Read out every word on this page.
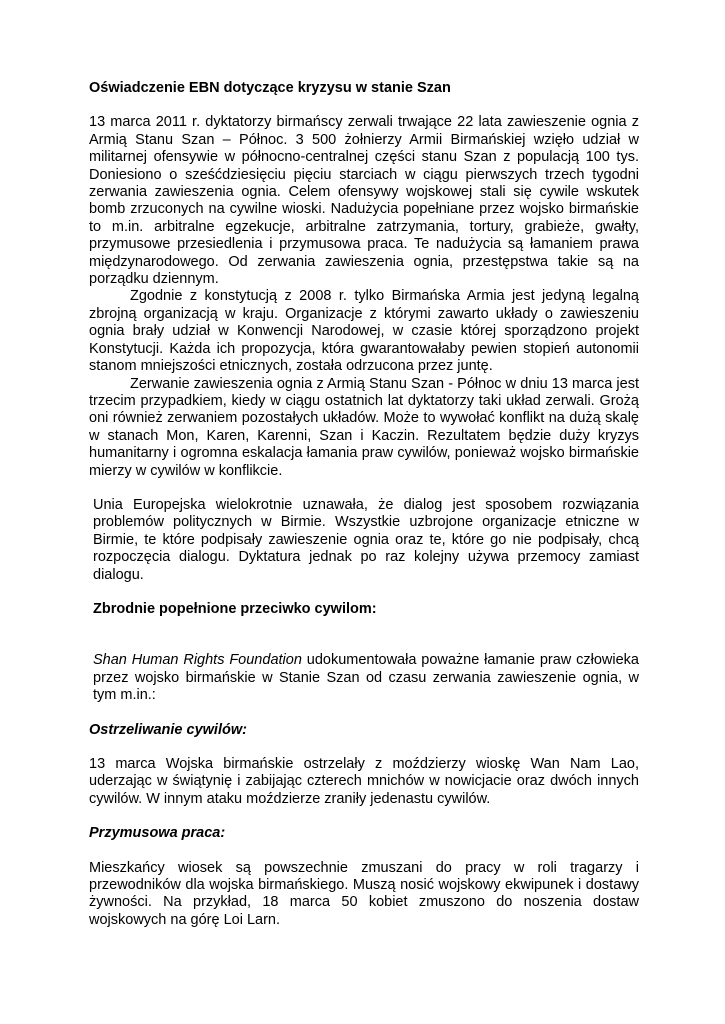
Oświadczenie EBN dotyczące kryzysu w stanie Szan

13 marca 2011 r. dyktatorzy birmańscy zerwali trwające 22 lata zawieszenie ognia z Armią Stanu Szan – Północ. 3 500 żołnierzy Armii Birmańskiej wzięło udział w militarnej ofensywie w północno-centralnej części stanu Szan z populacją 100 tys. Doniesiono o sześćdziesięciu pięciu starciach w ciągu pierwszych trzech tygodni zerwania zawieszenia ognia. Celem ofensywy wojskowej stali się cywile wskutek bomb zrzuconych na cywilne wioski. Nadużycia popełniane przez wojsko birmańskie to m.in. arbitralne egzekucje, arbitralne zatrzymania, tortury, grabieże, gwałty, przymusowe przesiedlenia i przymusowa praca. Te nadużycia są łamaniem prawa międzynarodowego. Od zerwania zawieszenia ognia, przestępstwa takie są na porządku dziennym.

Zgodnie z konstytucją z 2008 r. tylko Birmańska Armia jest jedyną legalną zbrojną organizacją w kraju. Organizacje z którymi zawarto układy o zawieszeniu ognia brały udział w Konwencji Narodowej, w czasie której sporządzono projekt Konstytucji. Każda ich propozycja, która gwarantowałaby pewien stopień autonomii stanom mniejszości etnicznych, została odrzucona przez juntę.

Zerwanie zawieszenia ognia z Armią Stanu Szan - Północ w dniu 13 marca jest trzecim przypadkiem, kiedy w ciągu ostatnich lat dyktatorzy taki układ zerwali. Grożą oni również zerwaniem pozostałych układów. Może to wywołać konflikt na dużą skalę w stanach Mon, Karen, Karenni, Szan i Kaczin. Rezultatem będzie duży kryzys humanitarny i ogromna eskalacja łamania praw cywilów, ponieważ wojsko birmańskie mierzy w cywilów w konflikcie.

Unia Europejska wielokrotnie uznawała, że dialog jest sposobem rozwiązania problemów politycznych w Birmie. Wszystkie uzbrojone organizacje etniczne w Birmie, te które podpisały zawieszenie ognia oraz te, które go nie podpisały, chcą rozpoczęcia dialogu. Dyktatura jednak po raz kolejny używa przemocy zamiast dialogu.

Zbrodnie popełnione przeciwko cywilom:

Shan Human Rights Foundation udokumentowała poważne łamanie praw człowieka przez wojsko birmańskie w Stanie Szan od czasu zerwania zawieszenie ognia, w tym m.in.:

Ostrzeliwanie cywilów:

13 marca Wojska birmańskie ostrzelały z moździerzy wioskę Wan Nam Lao, uderzając w świątynię i zabijając czterech mnichów w nowicjacie oraz dwóch innych cywilów. W innym ataku moździerze zraniły jedenastu cywilów.

Przymusowa praca:

Mieszkańcy wiosek są powszechnie zmuszani do pracy w roli tragarzy i przewodników dla wojska birmańskiego. Muszą nosić wojskowy ekwipunek i dostawy żywności. Na przykład, 18 marca 50 kobiet zmuszono do noszenia dostaw wojskowych na górę Loi Larn.
